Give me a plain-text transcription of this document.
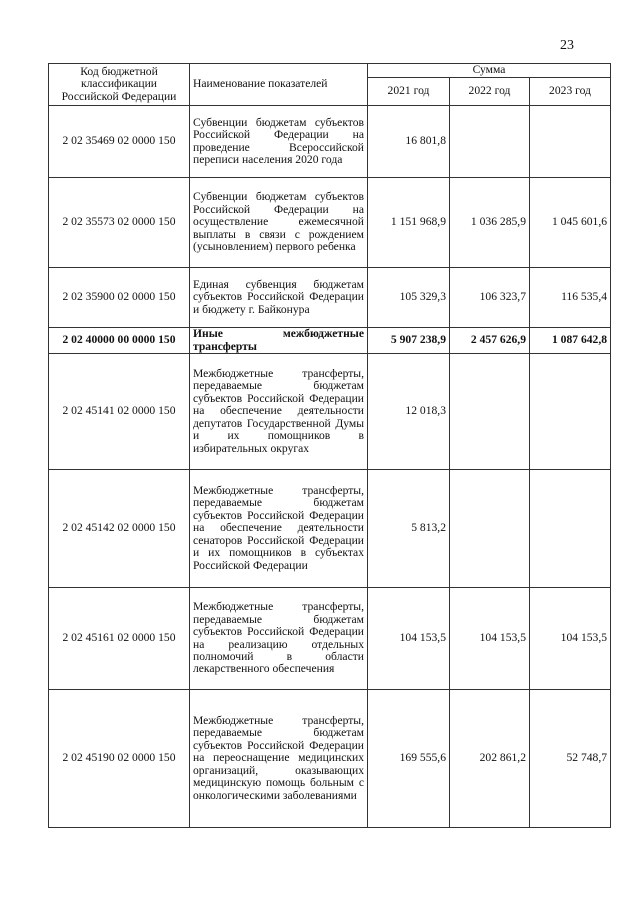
23
Код бюджетной классификации Российской Федерации	Наименование показателей	Сумма		
		2021 год	2022 год	2023 год
2 02 35469 02 0000 150	Субвенции бюджетам субъектов Российской Федерации на проведение Всероссийской переписи населения 2020 года	16 801,8		
2 02 35573 02 0000 150	Субвенции бюджетам субъектов Российской Федерации на осуществление ежемесячной выплаты в связи с рождением (усыновлением) первого ребенка	1 151 968,9	1 036 285,9	1 045 601,6
2 02 35900 02 0000 150	Единая субвенция бюджетам субъектов Российской Федерации и бюджету г. Байконура	105 329,3	106 323,7	116 535,4
2 02 40000 00 0000 150	Иные межбюджетные трансферты	5 907 238,9	2 457 626,9	1 087 642,8
2 02 45141 02 0000 150	Межбюджетные трансферты, передаваемые бюджетам субъектов Российской Федерации на обеспечение деятельности депутатов Государственной Думы и их помощников в избирательных округах	12 018,3		
2 02 45142 02 0000 150	Межбюджетные трансферты, передаваемые бюджетам субъектов Российской Федерации на обеспечение деятельности сенаторов Российской Федерации и их помощников в субъектах Российской Федерации	5 813,2		
2 02 45161 02 0000 150	Межбюджетные трансферты, передаваемые бюджетам субъектов Российской Федерации на реализацию отдельных полномочий в области лекарственного обеспечения	104 153,5	104 153,5	104 153,5
2 02 45190 02 0000 150	Межбюджетные трансферты, передаваемые бюджетам субъектов Российской Федерации на переоснащение медицинских организаций, оказывающих медицинскую помощь больным с онкологическими заболеваниями	169 555,6	202 861,2	52 748,7
